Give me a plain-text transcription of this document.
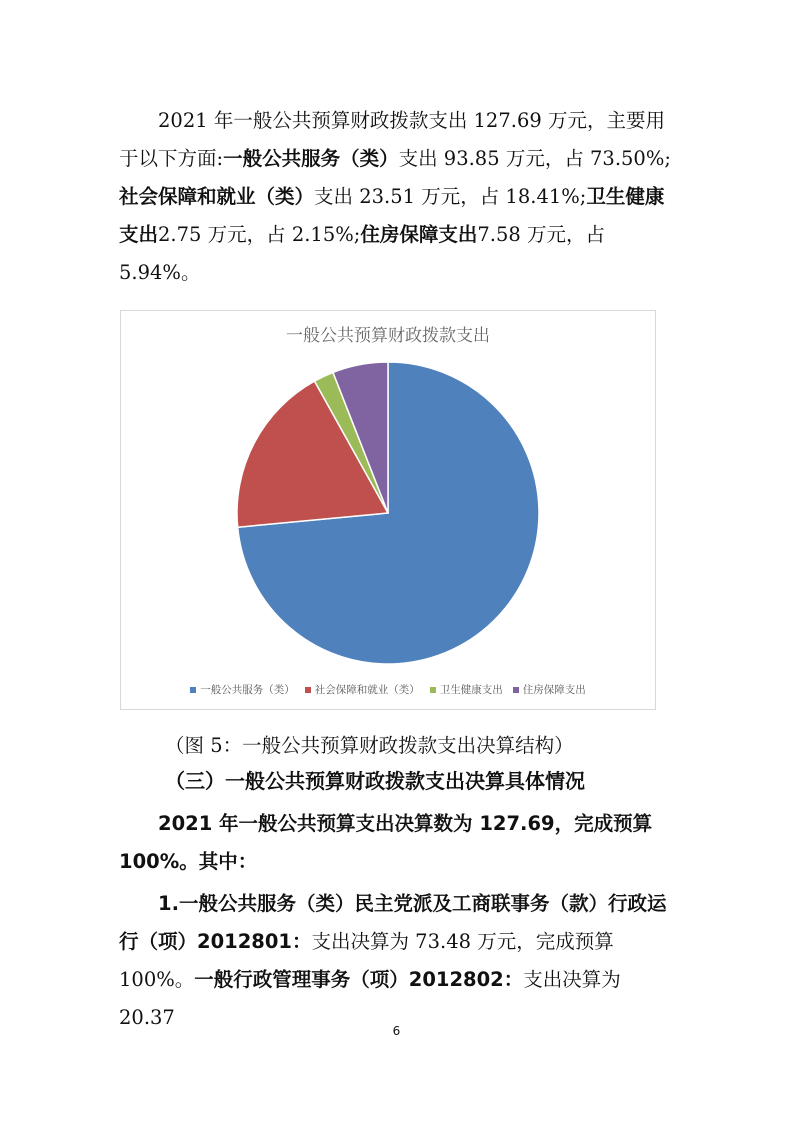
2021 年一般公共预算财政拨款支出 127.69 万元，主要用于以下方面:一般公共服务（类）支出 93.85 万元，占 73.50%;社会保障和就业（类）支出 23.51 万元，占 18.41%;卫生健康支出2.75 万元，占 2.15%;住房保障支出7.58 万元，占 5.94%。
一般公共预算财政拨款支出
一般公共服务（类） 社会保障和就业（类） 卫生健康支出 住房保障支出
（图 5：一般公共预算财政拨款支出决算结构）
（三）一般公共预算财政拨款支出决算具体情况
2021 年一般公共预算支出决算数为 127.69，完成预算 100%。其中：
1.一般公共服务（类）民主党派及工商联事务（款）行政运行（项）2012801：支出决算为 73.48 万元，完成预算 100%。一般行政管理事务（项）2012802：支出决算为 20.37
6
